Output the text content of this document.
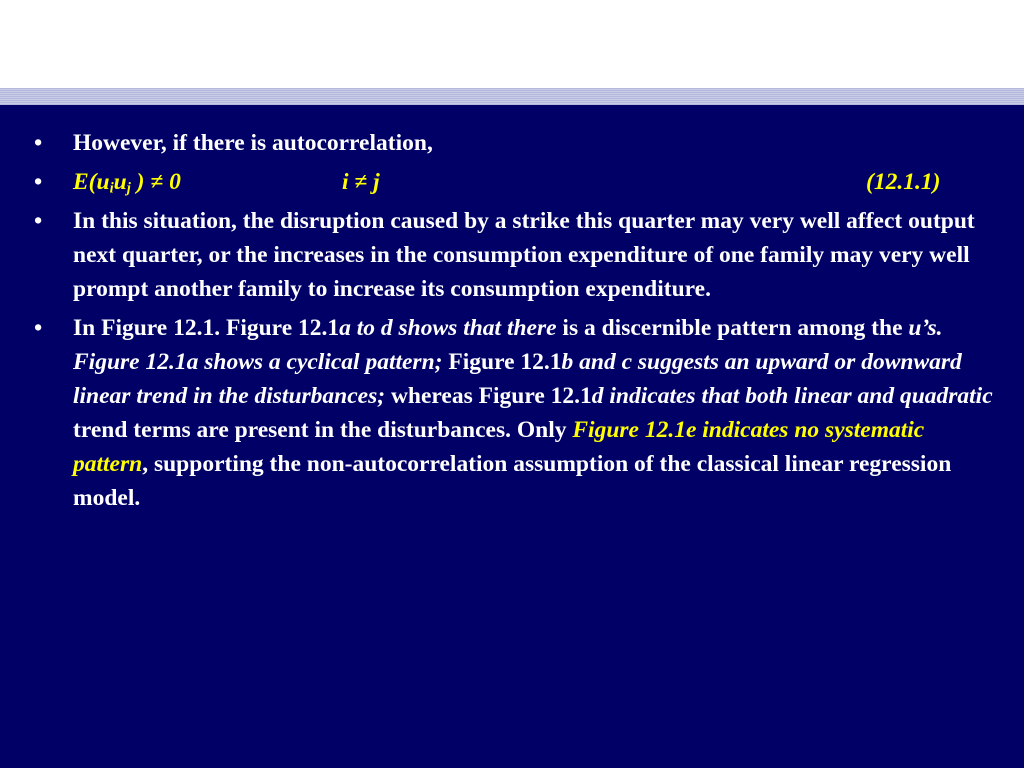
• However, if there is autocorrelation,
• $E(u_iu_j$ ) ≠ 0	i ≠ j	(12.1.1)
• In this situation, the disruption caused by a strike this quarter may very well affect output next quarter, or the increases in the consumption expenditure of one family may very well prompt another family to increase its consumption expenditure.
• In Figure 12.1. Figure 12.1a to d shows that there is a discernible pattern among the u’s. Figure 12.1a shows a cyclical pattern; Figure 12.1b and c suggests an upward or downward linear trend in the disturbances; whereas Figure 12.1d indicates that both linear and quadratic trend terms are present in the disturbances. Only Figure 12.1e indicates no systematic pattern, supporting the non-autocorrelation assumption of the classical linear regression model.
